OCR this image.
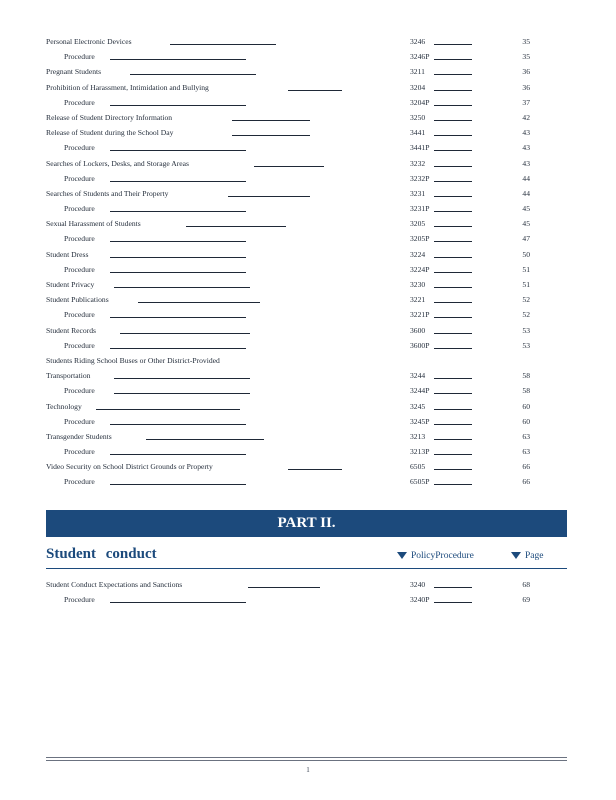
Personal Electronic Devices	3246	35
Procedure	3246P	35
Pregnant Students	3211	36
Prohibition of Harassment, Intimidation and Bullying	3204	36
Procedure	3204P	37
Release of Student Directory Information	3250	42
Release of Student during the School Day	3441	43
Procedure	3441P	43
Searches of Lockers, Desks, and Storage Areas	3232	43
Procedure	3232P	44
Searches of Students and Their Property	3231	44
Procedure	3231P	45
Sexual Harassment of Students	3205	45
Procedure	3205P	47
Student Dress	3224	50
Procedure	3224P	51
Student Privacy	3230	51
Student Publications	3221	52
Procedure	3221P	52
Student Records	3600	53
Procedure	3600P	53
Students Riding School Buses or Other District-Provided
Transportation	3244	58
Procedure	3244P	58
Technology	3245	60
Procedure	3245P	60
Transgender Students	3213	63
Procedure	3213P	63
Video Security on School District Grounds or Property	6505	66
Procedure	6505P	66
PART II.
Student conduct	PolicyProcedure	Page
Student Conduct Expectations and Sanctions	3240	68
Procedure	3240P	69
1
